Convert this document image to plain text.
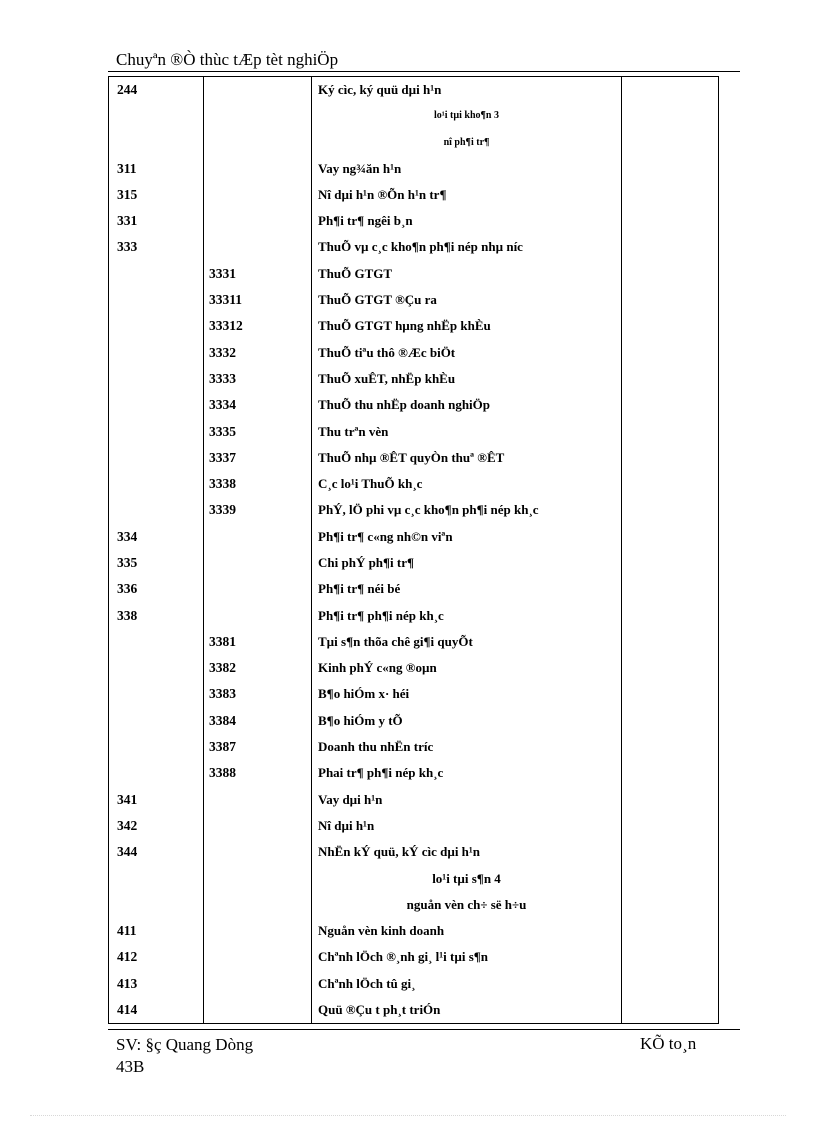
Chuyªn ®Ò thùc tÆp tèt nghiÖp
244		Ký cìc, ký quü dµi h¹n	
		lo¹i tµi kho¶n 3	
		nî ph¶i tr¶	
311		Vay ng¾ăn h¹n	
315		Nî dµi h¹n ®Õn h¹n tr¶	
331		Ph¶i tr¶ ngêi b¸n	
333		ThuÕ vµ c¸c kho¶n ph¶i nép nhµ níc	
	3331	ThuÕ GTGT	
	33311	ThuÕ GTGT ®Çu ra	
	33312	ThuÕ GTGT hµng nhËp khÈu	
	3332	ThuÕ tiªu thô ®Æc biÖt	
	3333	ThuÕ xuÊT, nhËp khÈu	
	3334	ThuÕ thu nhËp doanh nghiÖp	
	3335	Thu trªn vèn	
	3337	ThuÕ nhµ ®ÊT quyÒn thuª ®ÊT	
	3338	C¸c lo¹i ThuÕ kh¸c	
	3339	PhÝ, lÖ phi vµ c¸c kho¶n ph¶i nép kh¸c	
334		Ph¶i tr¶ c«ng nh©n viªn	
335		Chi phÝ ph¶i tr¶	
336		Ph¶i tr¶ néi bé	
338		Ph¶i tr¶ ph¶i nép kh¸c	
	3381	Tµi s¶n thõa chê gi¶i quyÕt	
	3382	Kinh phÝ c«ng ®oµn	
	3383	B¶o hiÓm x· héi	
	3384	B¶o hiÓm y tÕ	
	3387	Doanh thu nhËn tríc	
	3388	Phai tr¶ ph¶i nép kh¸c	
341		Vay dµi h¹n	
342		Nî dµi h¹n	
344		NhËn kÝ quü, kÝ cìc dµi h¹n	
		lo¹i tµi s¶n 4	
		nguån vèn ch÷ së h÷u	
411		Nguån vèn kinh doanh	
412		Chªnh lÖch ®¸nh gi¸ l¹i tµi s¶n	
413		Chªnh lÖch tû gi¸	
414		Quü ®Çu t ph¸t triÓn	
SV: §ç Quang Dòng
43B
KÕ to¸n
